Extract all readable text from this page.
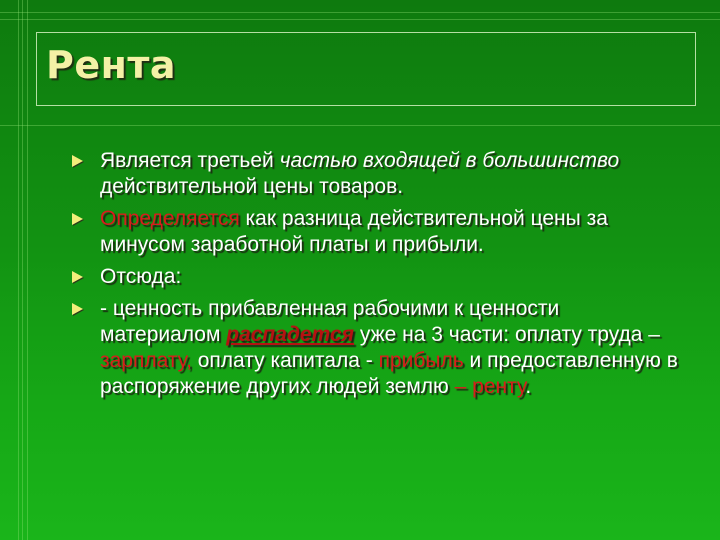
Рента
Является третьей частью входящей в большинство действительной цены товаров.
Определяется как разница действительной цены за минусом заработной платы и прибыли.
Отсюда:
- ценность прибавленная рабочими к ценности материалом распадется уже на 3 части: оплату труда – зарплату, оплату капитала - прибыль и предоставленную в распоряжение других людей землю – ренту.
